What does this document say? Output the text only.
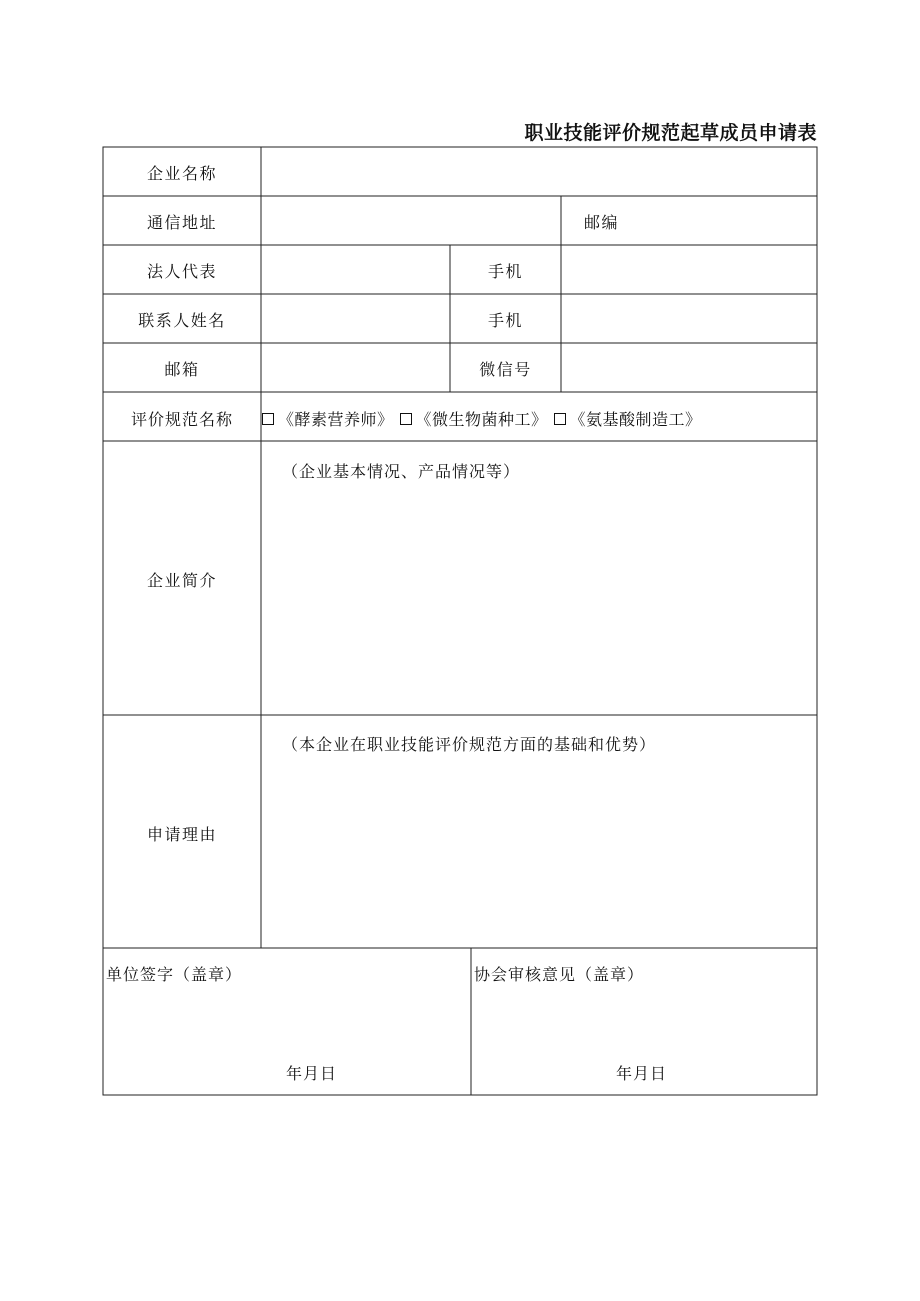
职业技能评价规范起草成员申请表
企业名称
通信地址
法人代表
联系人姓名
邮箱
评价规范名称
企业简介
申请理由
邮编
手机
手机
微信号
《酵素营养师》 《微生物菌种工》 《氨基酸制造工》
（企业基本情况、产品情况等）
（本企业在职业技能评价规范方面的基础和优势）
单位签字（盖章）
年月日
协会审核意见（盖章）
年月日
